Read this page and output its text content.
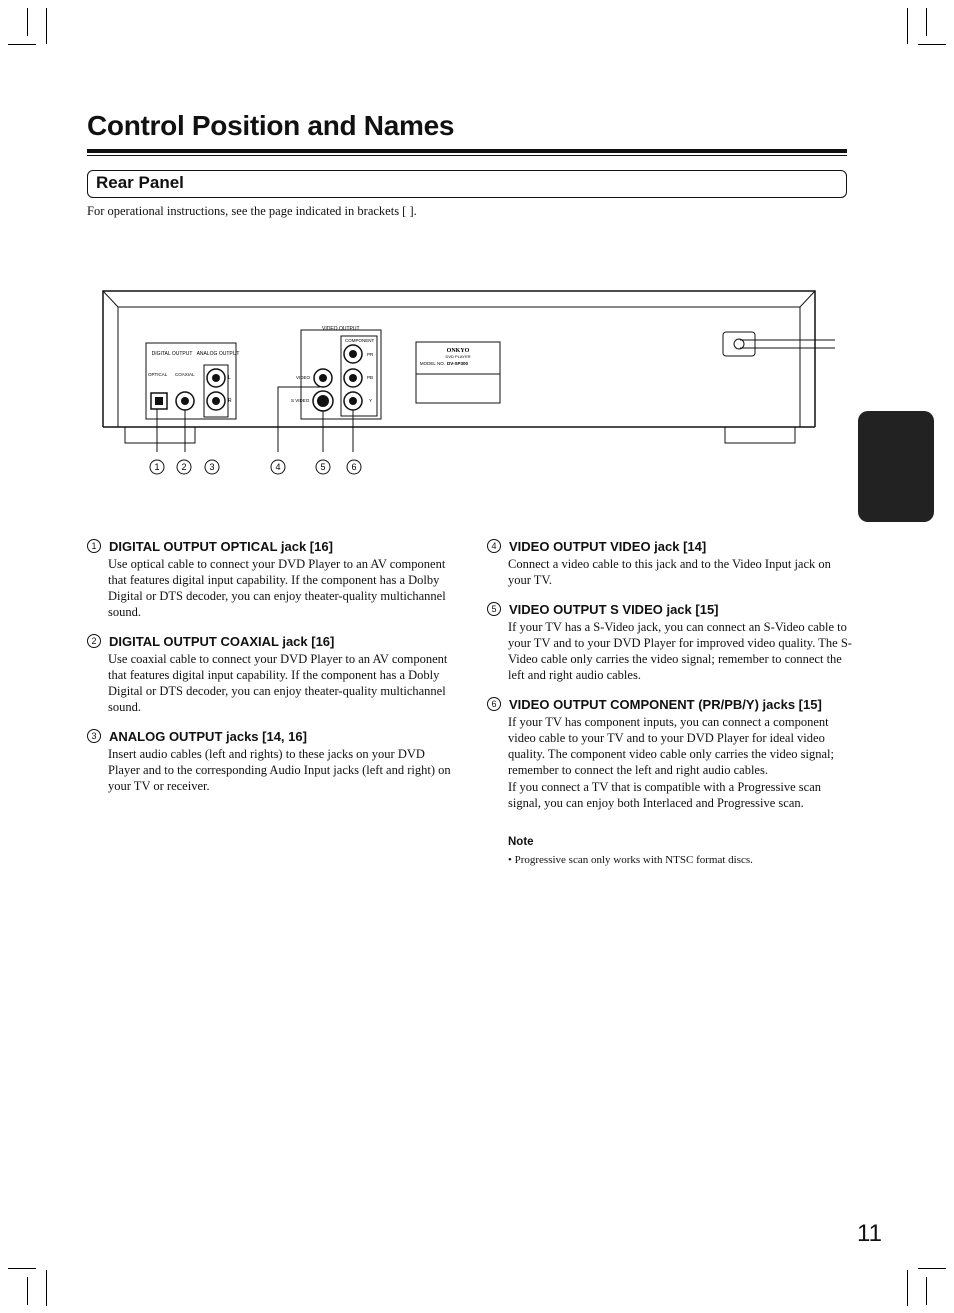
Control Position and Names
Rear Panel
For operational instructions, see the page indicated in brackets [ ].
DIGITAL OUTPUT ANALOG OUTPUT
OPTICAL COAXIAL
L
R
VIDEO OUTPUT
COMPONENT
PR
PB
Y
VIDEO
S VIDEO
ONKYO
DVD PLAYER
MODEL NO. DV-SP300
1 2	3	4	5	6
1 DIGITAL OUTPUT OPTICAL jack [16]

Use optical cable to connect your DVD Player to an AV component that features digital input capability. If the component has a Dolby Digital or DTS decoder, you can enjoy theater-quality multichannel sound.

2 DIGITAL OUTPUT COAXIAL jack [16]

Use coaxial cable to connect your DVD Player to an AV component that features digital input capability. If the component has a Dobly Digital or DTS decoder, you can enjoy theater-quality multichannel sound.

3 ANALOG OUTPUT jacks [14, 16]

Insert audio cables (left and rights) to these jacks on your DVD Player and to the corresponding Audio Input jacks (left and right) on your TV or receiver.

4 VIDEO OUTPUT VIDEO jack [14]

Connect a video cable to this jack and to the Video Input jack on your TV.

5 VIDEO OUTPUT S VIDEO jack [15]

If your TV has a S-Video jack, you can connect an S-Video cable to your TV and to your DVD Player for improved video quality. The S-Video cable only carries the video signal; remember to connect the left and right audio cables.

6 VIDEO OUTPUT COMPONENT (PR/PB/Y) jacks [15]

If your TV has component inputs, you can connect a component video cable to your TV and to your DVD Player for ideal video quality. The component video cable only carries the video signal; remember to connect the left and right audio cables.

If you connect a TV that is compatible with a Progressive scan signal, you can enjoy both Interlaced and Progressive scan.

Note
• Progressive scan only works with NTSC format discs.
11
